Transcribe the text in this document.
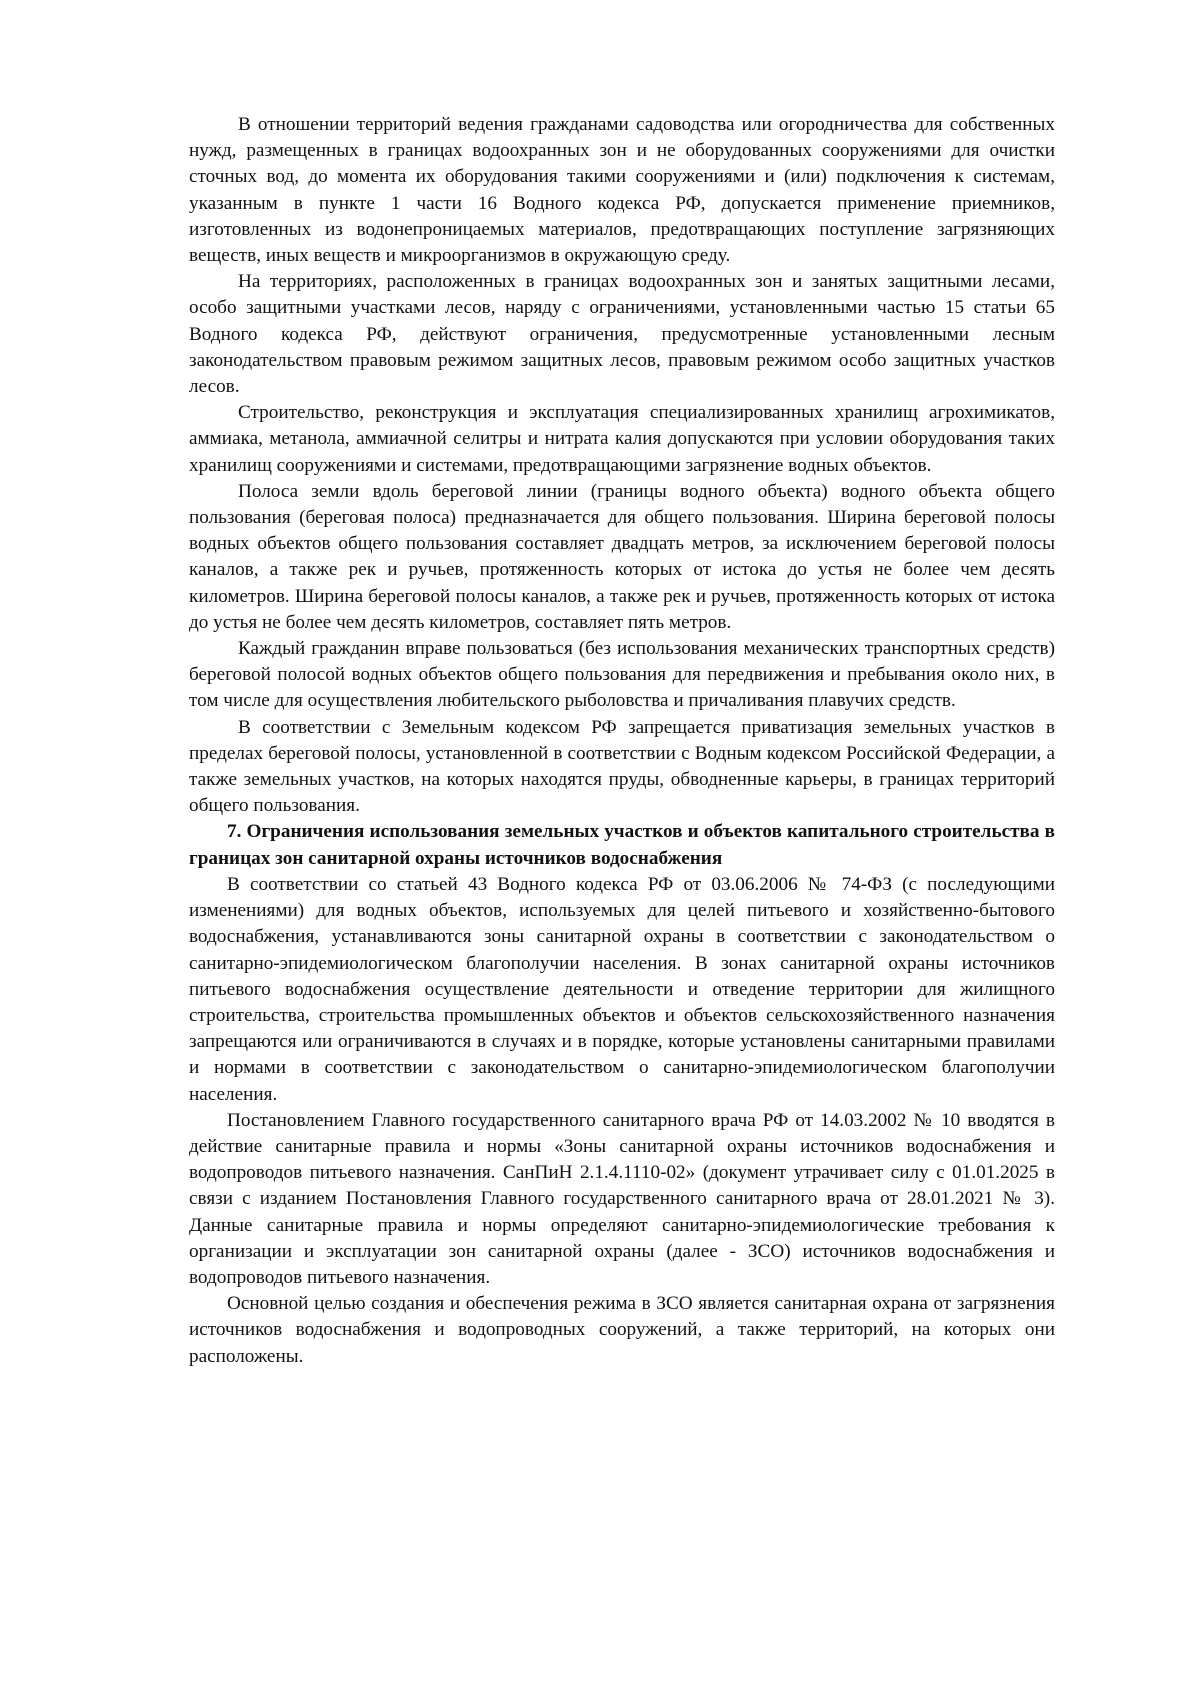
В отношении территорий ведения гражданами садоводства или огородничества для собственных нужд, размещенных в границах водоохранных зон и не оборудованных сооружениями для очистки сточных вод, до момента их оборудования такими сооружениями и (или) подключения к системам, указанным в пункте 1 части 16 Водного кодекса РФ, допускается применение приемников, изготовленных из водонепроницаемых материалов, предотвращающих поступление загрязняющих веществ, иных веществ и микроорганизмов в окружающую среду.

На территориях, расположенных в границах водоохранных зон и занятых защитными лесами, особо защитными участками лесов, наряду с ограничениями, установленными частью 15 статьи 65 Водного кодекса РФ, действуют ограничения, предусмотренные установленными лесным законодательством правовым режимом защитных лесов, правовым режимом особо защитных участков лесов.

Строительство, реконструкция и эксплуатация специализированных хранилищ агрохимикатов, аммиака, метанола, аммиачной селитры и нитрата калия допускаются при условии оборудования таких хранилищ сооружениями и системами, предотвращающими загрязнение водных объектов.

Полоса земли вдоль береговой линии (границы водного объекта) водного объекта общего пользования (береговая полоса) предназначается для общего пользования. Ширина береговой полосы водных объектов общего пользования составляет двадцать метров, за исключением береговой полосы каналов, а также рек и ручьев, протяженность которых от истока до устья не более чем десять километров. Ширина береговой полосы каналов, а также рек и ручьев, протяженность которых от истока до устья не более чем десять километров, составляет пять метров.

Каждый гражданин вправе пользоваться (без использования механических транспортных средств) береговой полосой водных объектов общего пользования для передвижения и пребывания около них, в том числе для осуществления любительского рыболовства и причаливания плавучих средств.

В соответствии с Земельным кодексом РФ запрещается приватизация земельных участков в пределах береговой полосы, установленной в соответствии с Водным кодексом Российской Федерации, а также земельных участков, на которых находятся пруды, обводненные карьеры, в границах территорий общего пользования.

7. Ограничения использования земельных участков и объектов капитального строительства в границах зон санитарной охраны источников водоснабжения

В соответствии со статьей 43 Водного кодекса РФ от 03.06.2006 № 74-ФЗ (с последующими изменениями) для водных объектов, используемых для целей питьевого и хозяйственно-бытового водоснабжения, устанавливаются зоны санитарной охраны в соответствии с законодательством о санитарно-эпидемиологическом благополучии населения. В зонах санитарной охраны источников питьевого водоснабжения осуществление деятельности и отведение территории для жилищного строительства, строительства промышленных объектов и объектов сельскохозяйственного назначения запрещаются или ограничиваются в случаях и в порядке, которые установлены санитарными правилами и нормами в соответствии с законодательством о санитарно-эпидемиологическом благополучии населения.

Постановлением Главного государственного санитарного врача РФ от 14.03.2002 № 10 вводятся в действие санитарные правила и нормы «Зоны санитарной охраны источников водоснабжения и водопроводов питьевого назначения. СанПиН 2.1.4.1110-02» (документ утрачивает силу с 01.01.2025 в связи с изданием Постановления Главного государственного санитарного врача от 28.01.2021 № 3). Данные санитарные правила и нормы определяют санитарно-эпидемиологические требования к организации и эксплуатации зон санитарной охраны (далее - ЗСО) источников водоснабжения и водопроводов питьевого назначения.

Основной целью создания и обеспечения режима в ЗСО является санитарная охрана от загрязнения источников водоснабжения и водопроводных сооружений, а также территорий, на которых они расположены.
